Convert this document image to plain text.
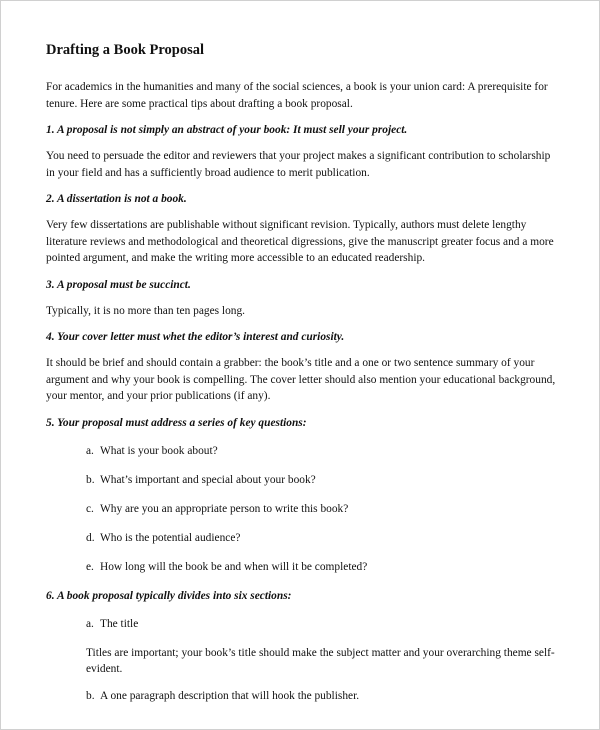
Drafting a Book Proposal
For academics in the humanities and many of the social sciences, a book is your union card: A prerequisite for tenure. Here are some practical tips about drafting a book proposal.
1. A proposal is not simply an abstract of your book: It must sell your project.
You need to persuade the editor and reviewers that your project makes a significant contribution to scholarship in your field and has a sufficiently broad audience to merit publication.
2. A dissertation is not a book.
Very few dissertations are publishable without significant revision. Typically, authors must delete lengthy literature reviews and methodological and theoretical digressions, give the manuscript greater focus and a more pointed argument, and make the writing more accessible to an educated readership.
3. A proposal must be succinct.
Typically, it is no more than ten pages long.
4. Your cover letter must whet the editor’s interest and curiosity.
It should be brief and should contain a grabber: the book’s title and a one or two sentence summary of your argument and why your book is compelling. The cover letter should also mention your educational background, your mentor, and your prior publications (if any).
5. Your proposal must address a series of key questions:
a. What is your book about?
b. What’s important and special about your book?
c. Why are you an appropriate person to write this book?
d. Who is the potential audience?
e. How long will the book be and when will it be completed?
6. A book proposal typically divides into six sections:
a. The title
Titles are important; your book’s title should make the subject matter and your overarching theme self-evident.
b. A one paragraph description that will hook the publisher.
